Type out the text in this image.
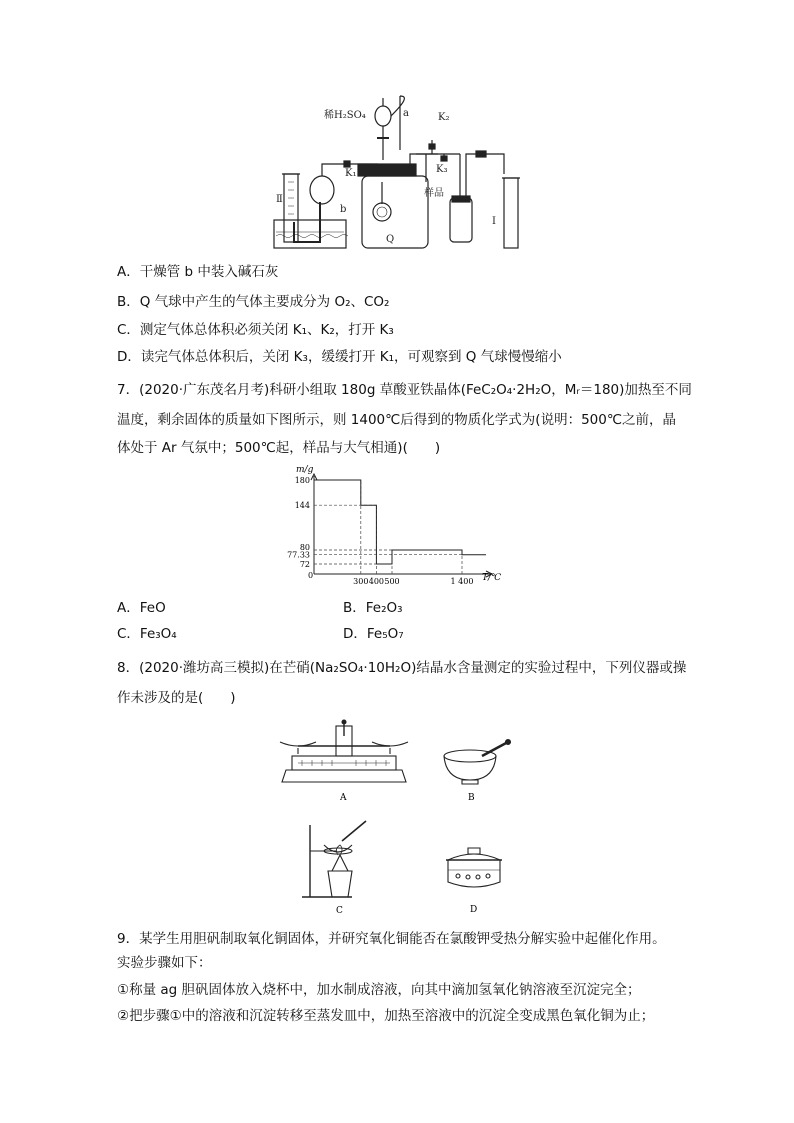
稀H₂SO₄	a	K₂
K₁	K₃
样品
Ⅱ
b
Q
Ⅰ
A．干燥管 b 中装入碱石灰
B．Q 气球中产生的气体主要成分为 O₂、CO₂
C．测定气体总体积必须关闭 K₁、K₂，打开 K₃
D．读完气体总体积后，关闭 K₃，缓缓打开 K₁，可观察到 Q 气球慢慢缩小
7．(2020·广东茂名月考)科研小组取 180g 草酸亚铁晶体(FeC₂O₄·2H₂O，Mᵣ＝180)加热至不同
温度，剩余固体的质量如下图所示，则 1400℃后得到的物质化学式为(说明：500℃之前，晶
体处于 Ar 气氛中；500℃起，样品与大气相通)(　　)
180
144
80
77.33
72
300 400 500	1 400
m/g
T/℃
0
A．FeO	B．Fe₂O₃
C．Fe₃O₄	D．Fe₅O₇
8．(2020·潍坊高三模拟)在芒硝(Na₂SO₄·10H₂O)结晶水含量测定的实验过程中，下列仪器或操
作未涉及的是(　　)
A	B
C	D
9．某学生用胆矾制取氧化铜固体，并研究氧化铜能否在氯酸钾受热分解实验中起催化作用。
实验步骤如下：
①称量 ag 胆矾固体放入烧杯中，加水制成溶液，向其中滴加氢氧化钠溶液至沉淀完全；
②把步骤①中的溶液和沉淀转移至蒸发皿中，加热至溶液中的沉淀全变成黑色氧化铜为止；
